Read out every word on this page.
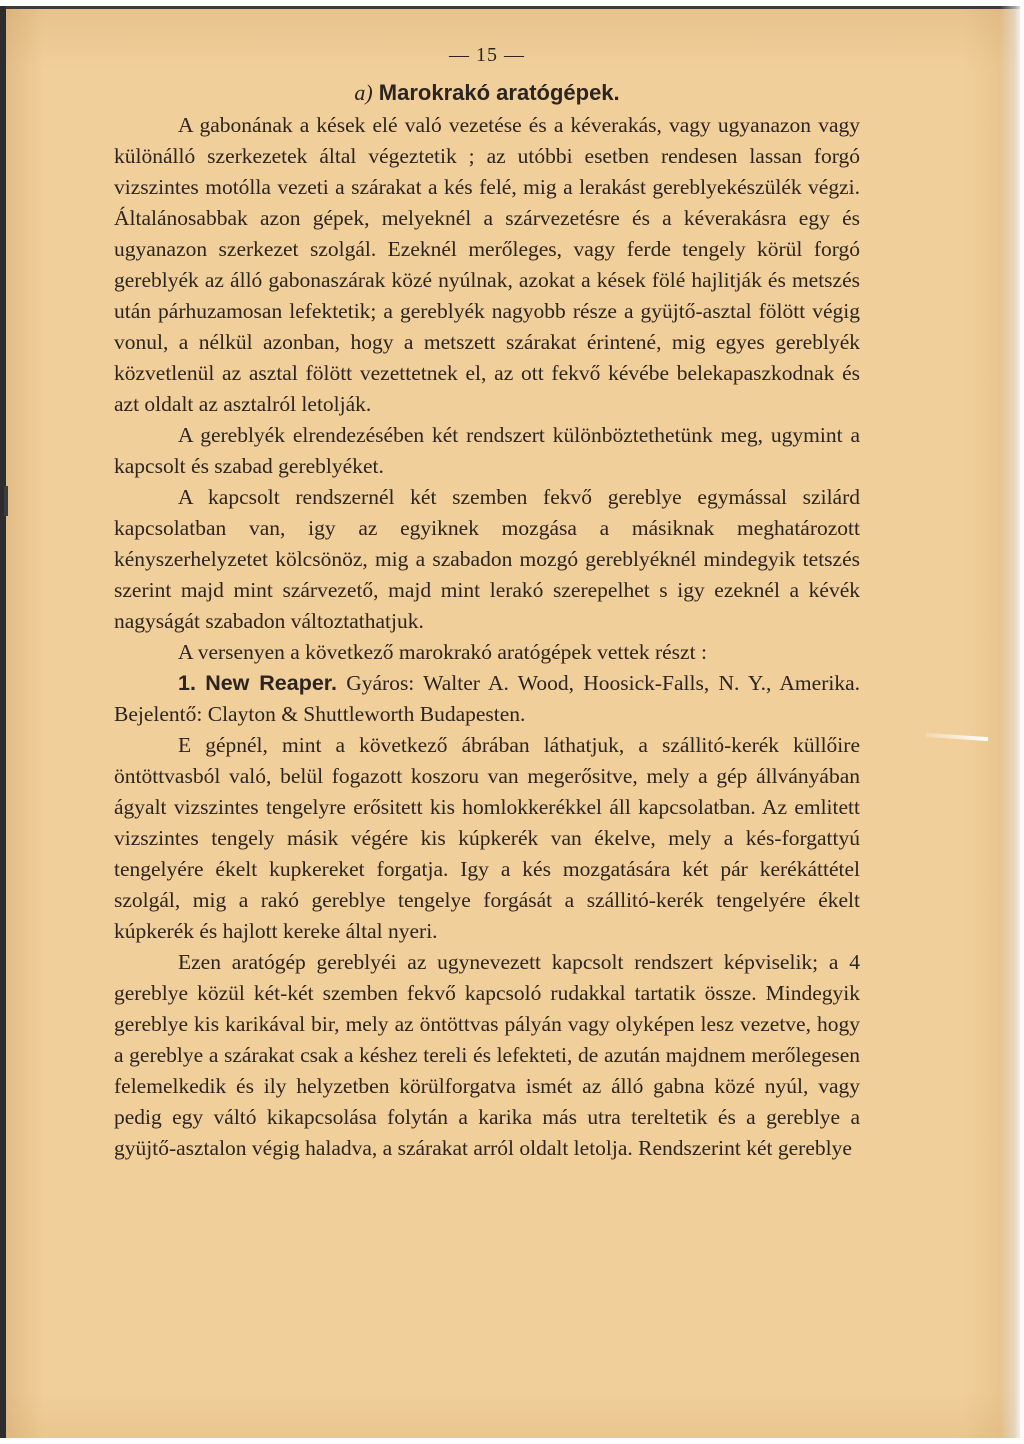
— 15 —
a) Marokrakó aratógépek.

A gabonának a kések elé való vezetése és a kéverakás, vagy ugyanazon vagy különálló szerkezetek által végeztetik ; az utóbbi esetben rendesen lassan forgó vizszintes motólla vezeti a szárakat a kés felé, mig a lerakást gereblyekészülék végzi. Általánosabbak azon gépek, melyeknél a szárvezetésre és a kéverakásra egy és ugyanazon szerkezet szolgál. Ezeknél merőleges, vagy ferde tengely körül forgó gereblyék az álló gabonaszárak közé nyúlnak, azokat a kések fölé hajlitják és metszés után párhuzamosan lefektetik; a gereblyék nagyobb része a gyüjtő-asztal fölött végig vonul, a nélkül azonban, hogy a metszett szárakat érintené, mig egyes gereblyék közvetlenül az asztal fölött vezettetnek el, az ott fekvő kévébe belekapaszkodnak és azt oldalt az asztalról letolják.

A gereblyék elrendezésében két rendszert különböztethetünk meg, ugymint a kapcsolt és szabad gereblyéket.

A kapcsolt rendszernél két szemben fekvő gereblye egymással szilárd kapcsolatban van, igy az egyiknek mozgása a másiknak meghatározott kényszerhelyzetet kölcsönöz, mig a szabadon mozgó gereblyéknél mindegyik tetszés szerint majd mint szárvezető, majd mint lerakó szerepelhet s igy ezeknél a kévék nagyságát szabadon változtathatjuk.

A versenyen a következő marokrakó aratógépek vettek részt :

1. New Reaper. Gyáros: Walter A. Wood, Hoosick-Falls, N. Y., Amerika. Bejelentő: Clayton & Shuttleworth Budapesten.

E gépnél, mint a következő ábrában láthatjuk, a szállitó-kerék küllőire öntöttvasból való, belül fogazott koszoru van megerősitve, mely a gép állványában ágyalt vizszintes tengelyre erősitett kis homlokkerékkel áll kapcsolatban. Az emlitett vizszintes tengely másik végére kis kúpkerék van ékelve, mely a kés-forgattyú tengelyére ékelt kupkereket forgatja. Igy a kés mozgatására két pár kerékáttétel szolgál, mig a rakó gereblye tengelye forgását a szállitó-kerék tengelyére ékelt kúpkerék és hajlott kereke által nyeri.

Ezen aratógép gereblyéi az ugynevezett kapcsolt rendszert képviselik; a 4 gereblye közül két-két szemben fekvő kapcsoló rudakkal tartatik össze. Mindegyik gereblye kis karikával bir, mely az öntöttvas pályán vagy olyképen lesz vezetve, hogy a gereblye a szárakat csak a késhez tereli és lefekteti, de azután majdnem merőlegesen felemelkedik és ily helyzetben körülforgatva ismét az álló gabna közé nyúl, vagy pedig egy váltó kikapcsolása folytán a karika más utra tereltetik és a gereblye a gyüjtő-asztalon végig haladva, a szárakat arról oldalt letolja. Rendszerint két gereblye
